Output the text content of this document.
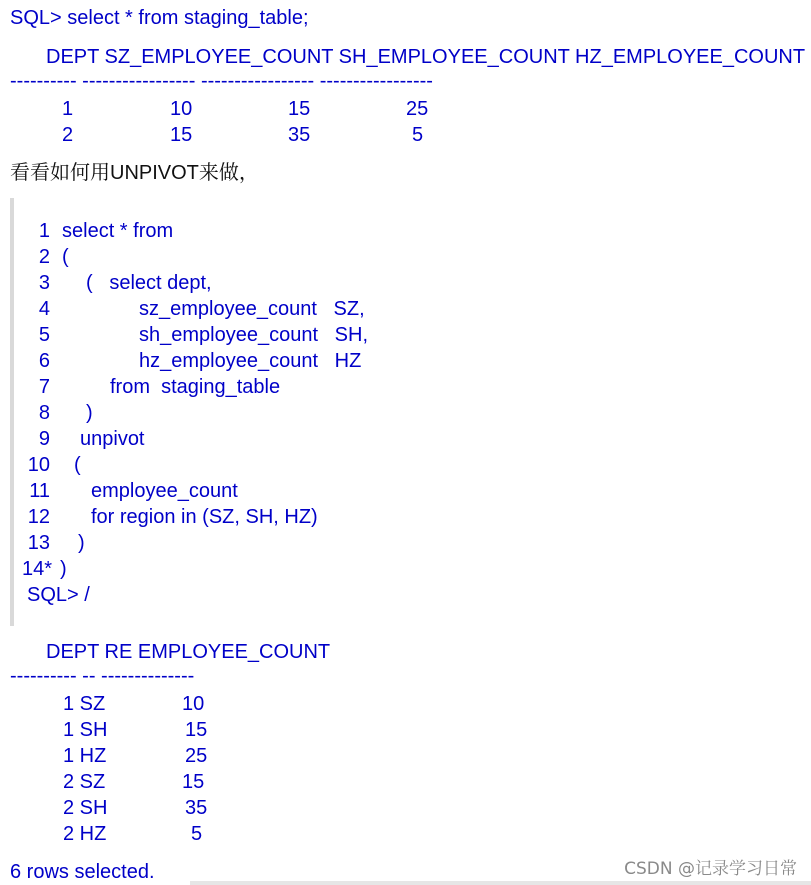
SQL> select * from staging_table;
DEPT SZ_EMPLOYEE_COUNT SH_EMPLOYEE_COUNT HZ_EMPLOYEE_COUNT
---------- ----------------- ----------------- -----------------
1	10	15	25
2	15	35	5
看看如何用UNPIVOT来做，
1 select * from
2 (
3 (   select dept,
4	sz_employee_count   SZ,
5	sh_employee_count   SH,
6	hz_employee_count   HZ
7	from  staging_table
8 )
9 unpivot
10 (
11 employee_count
12 for region in (SZ, SH, HZ)
13 )
14* )
SQL> /
DEPT RE EMPLOYEE_COUNT
---------- -- --------------
1 SZ	10
1 SH	15
1 HZ	25
2 SZ	15
2 SH	35
2 HZ	5
6 rows selected.	CSDN @记录学习日常
